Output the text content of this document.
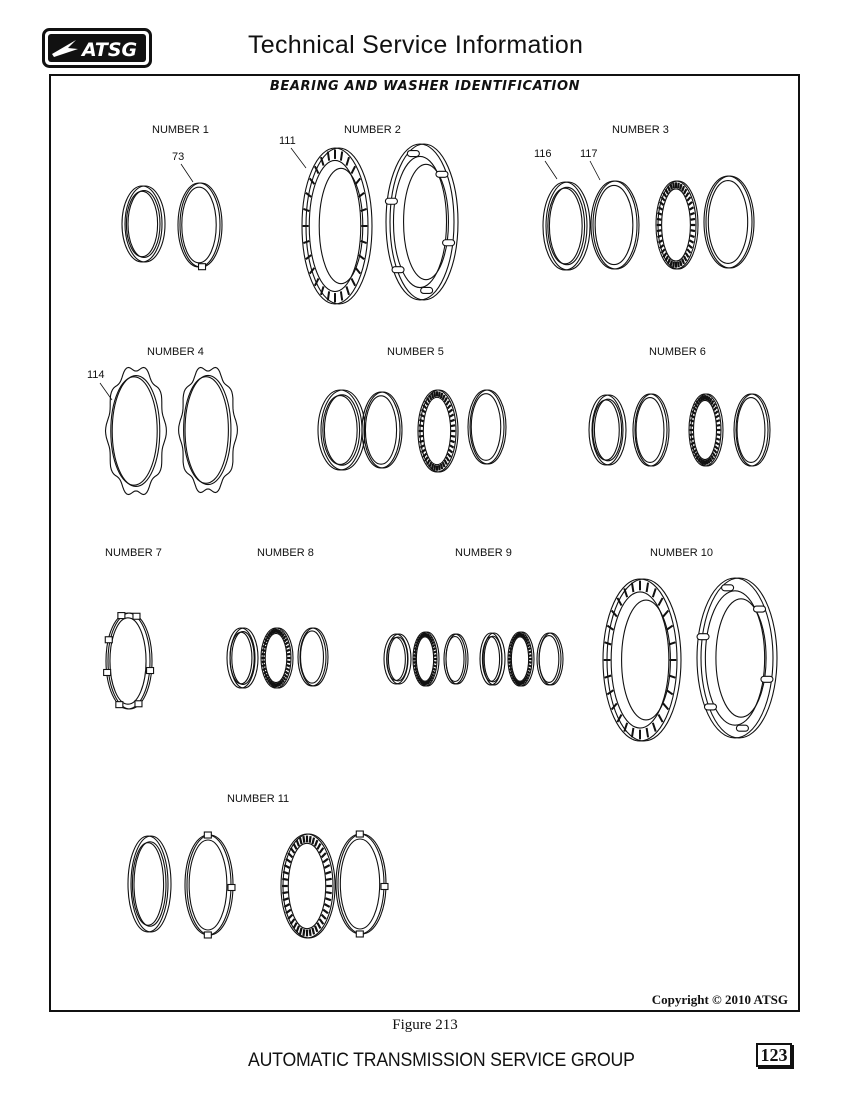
ATSG	Technical Service Information
BEARING AND WASHER IDENTIFICATION
NUMBER 1	NUMBER 2	NUMBER 3
NUMBER 4	NUMBER 5	NUMBER 6
NUMBER 7	NUMBER 8	NUMBER 9	NUMBER 10
NUMBER 11
73
111
116	117
114
Copyright © 2010 ATSG
Figure 213
AUTOMATIC TRANSMISSION SERVICE GROUP	123
